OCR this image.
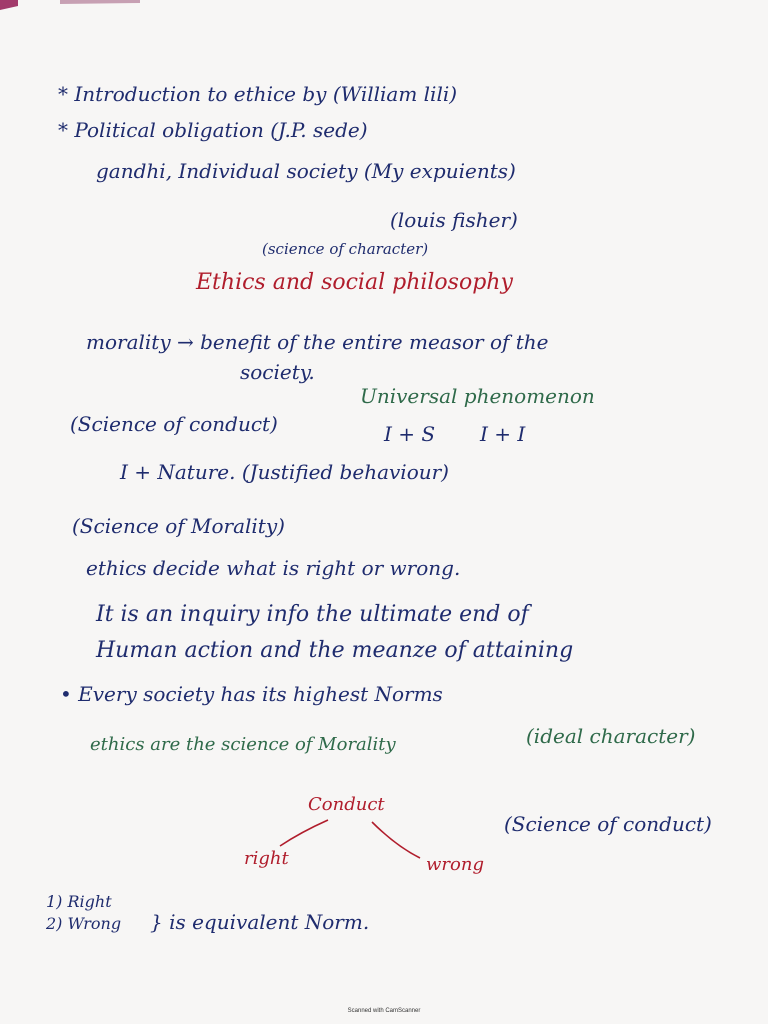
* Introduction to ethice by (William lili)
* Political obligation (J.P. sede)
gandhi, Individual society (My expuients)
(louis fisher)
(science of character)
Ethics and social philosophy
morality → benefit of the entire measor of the
society.
Universal phenomenon
(Science of conduct)	I + S I + I
I + Nature. (Justified behaviour)
(Science of Morality)
ethics decide what is right or wrong.
It is an inquiry info the ultimate end of
Human action and the meanze of attaining
• Every society has its highest Norms
(ideal character)
ethics are the science of Morality
Conduct
(Science of conduct)
right	wrong
1) Right
2) Wrong } is equivalent Norm.
Scanned with CamScanner
